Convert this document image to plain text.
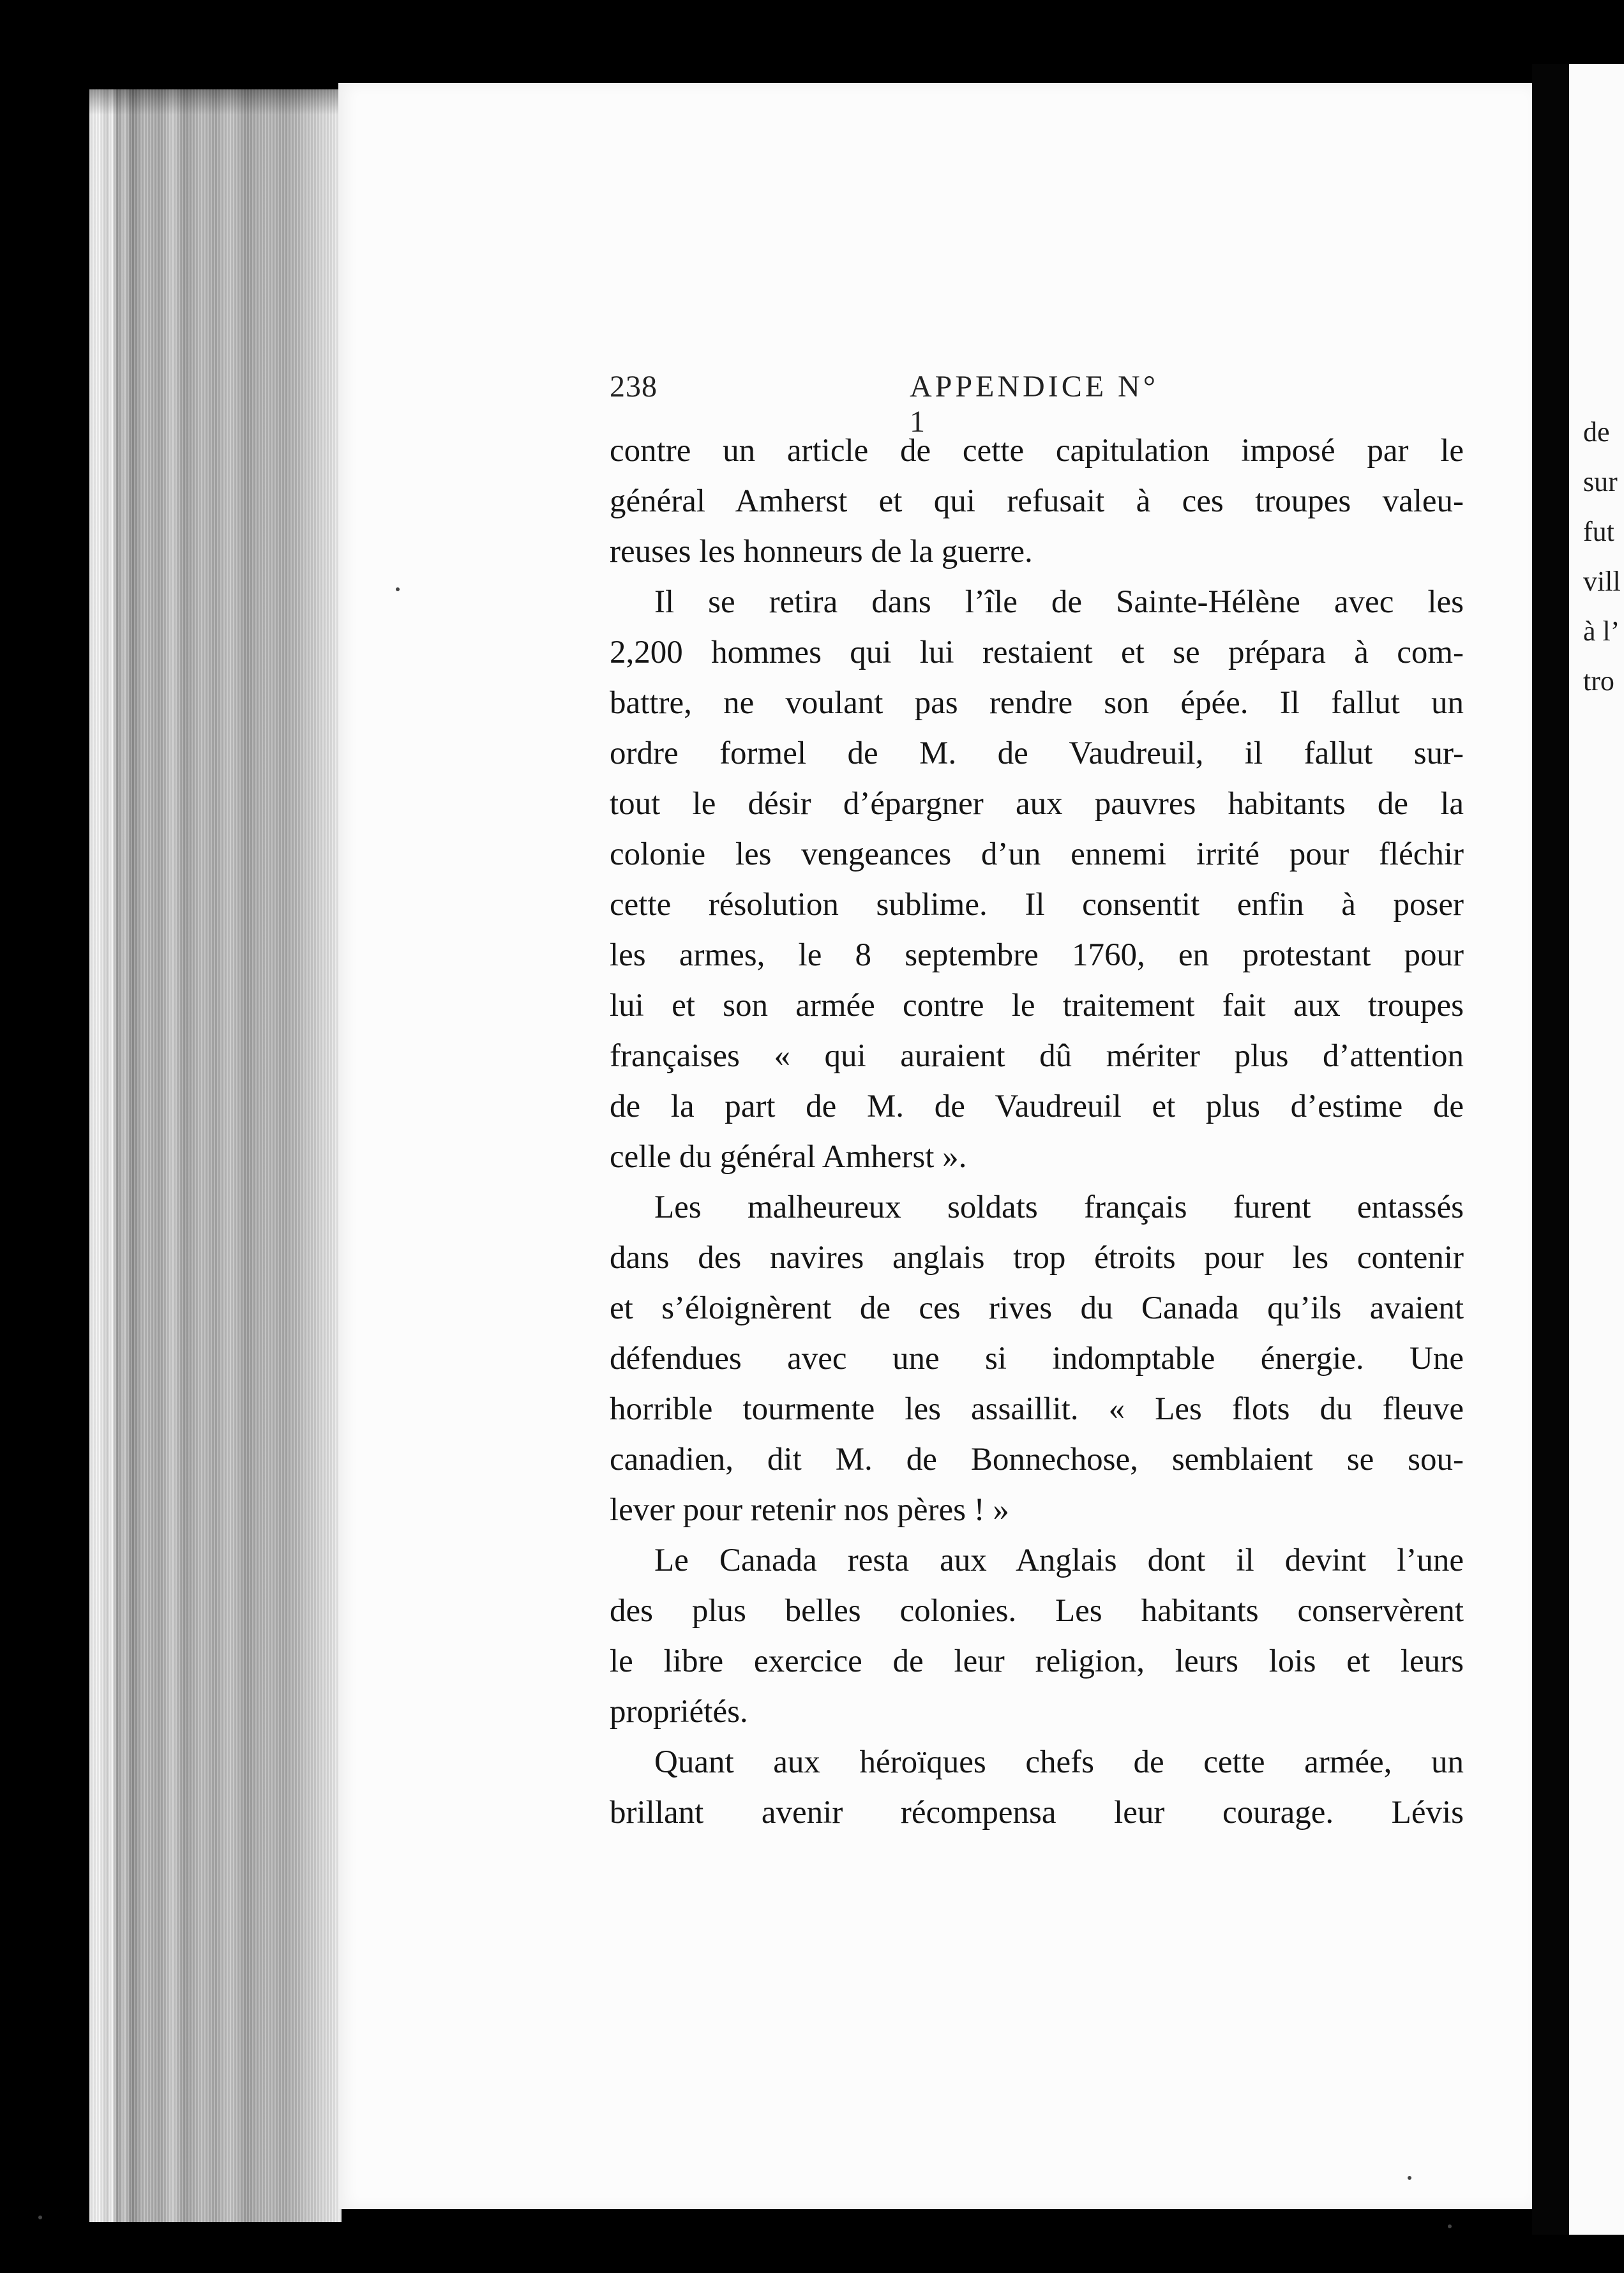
de
sur
fut
vill
à l’
tro
238	APPENDICE N° 1
contre un article de cette capitulation imposé par le
général Amherst et qui refusait à ces troupes valeu-
reuses les honneurs de la guerre.
Il se retira dans l’île de Sainte-Hélène avec les
2,200 hommes qui lui restaient et se prépara à com-
battre, ne voulant pas rendre son épée. Il fallut un
ordre formel de M. de Vaudreuil, il fallut sur-
tout le désir d’épargner aux pauvres habitants de la
colonie les vengeances d’un ennemi irrité pour fléchir
cette résolution sublime. Il consentit enfin à poser
les armes, le 8 septembre 1760, en protestant pour
lui et son armée contre le traitement fait aux troupes
françaises « qui auraient dû mériter plus d’attention
de la part de M. de Vaudreuil et plus d’estime de
celle du général Amherst ».
Les malheureux soldats français furent entassés
dans des navires anglais trop étroits pour les contenir
et s’éloignèrent de ces rives du Canada qu’ils avaient
défendues avec une si indomptable énergie. Une
horrible tourmente les assaillit. « Les flots du fleuve
canadien, dit M. de Bonnechose, semblaient se sou-
lever pour retenir nos pères ! »
Le Canada resta aux Anglais dont il devint l’une
des plus belles colonies. Les habitants conservèrent
le libre exercice de leur religion, leurs lois et leurs
propriétés.
Quant aux héroïques chefs de cette armée, un
brillant avenir récompensa leur courage. Lévis
